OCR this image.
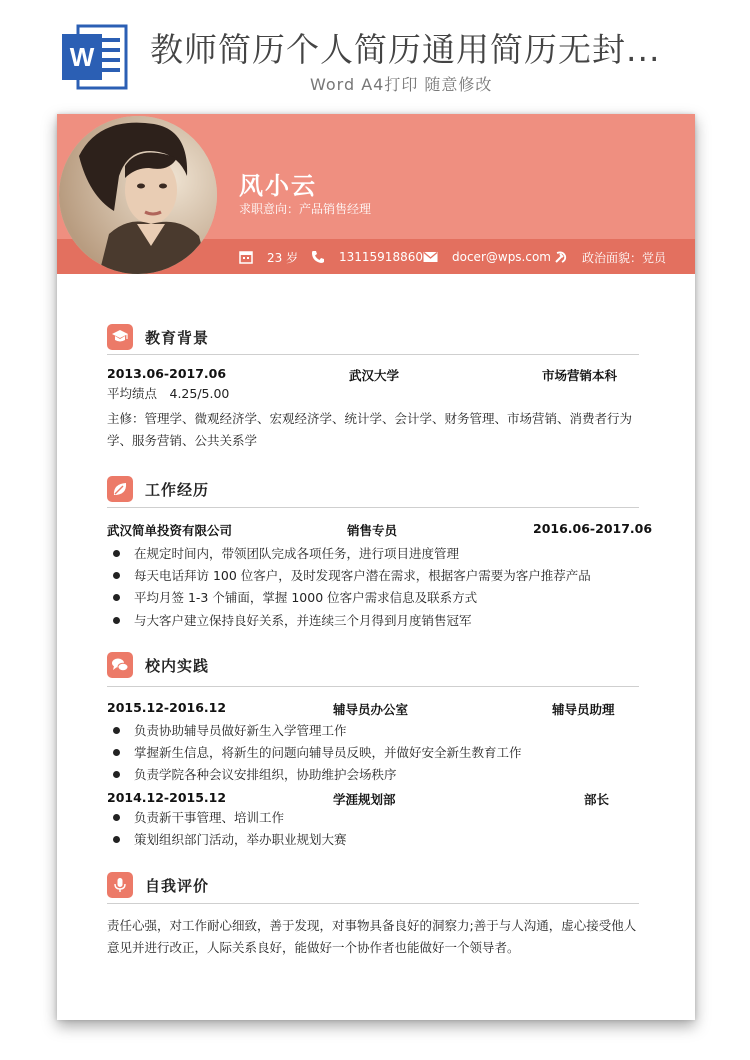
W 教师简历个人简历通用简历无封...
Word A4打印 随意修改
风小云
求职意向：产品销售经理
23 岁	13115918860 docer@wps.com	政治面貌：党员
教育背景
2013.06-2017.06	武汉大学	市场营销本科
平均绩点　4.25/5.00
主修：管理学、微观经济学、宏观经济学、统计学、会计学、财务管理、市场营销、消费者行为学、服务营销、公共关系学
工作经历
武汉简单投资有限公司	销售专员	2016.06-2017.06
在规定时间内，带领团队完成各项任务，进行项目进度管理
每天电话拜访 100 位客户，及时发现客户潜在需求，根据客户需要为客户推荐产品
平均月签 1-3 个铺面，掌握 1000 位客户需求信息及联系方式
与大客户建立保持良好关系，并连续三个月得到月度销售冠军
校内实践
2015.12-2016.12	辅导员办公室	辅导员助理
负责协助辅导员做好新生入学管理工作
掌握新生信息，将新生的问题向辅导员反映，并做好安全新生教育工作
负责学院各种会议安排组织，协助维护会场秩序
2014.12-2015.12	学涯规划部	部长
负责新干事管理、培训工作
策划组织部门活动，举办职业规划大赛
自我评价
责任心强，对工作耐心细致，善于发现，对事物具备良好的洞察力;善于与人沟通，虚心接受他人意见并进行改正，人际关系良好，能做好一个协作者也能做好一个领导者。
